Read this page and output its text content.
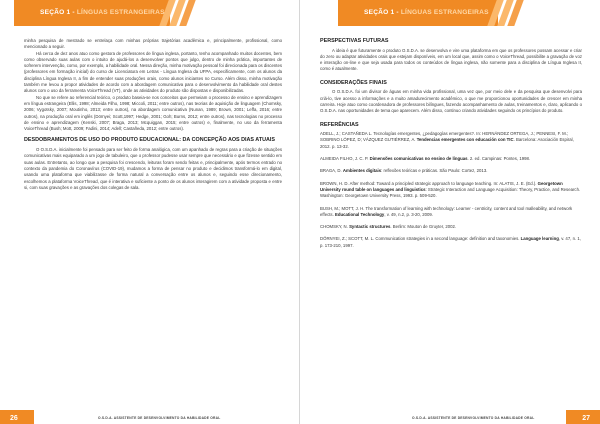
SEÇÃO 1 - LÍNGUAS ESTRANGEIRAS

minha pesquisa de mestrado se entrelaça com minhas próprias trajetórias acadêmica e, principalmente, profissional, como mencionado a seguir.

Há cerca de dez anos atuo como gestora de professores de língua inglesa, portanto, tenho acompanhado muitos docentes, bem como observado suas aulas com o intuito de ajudá-los a desenvolver pontos que julgo, dentro de minha prática, importantes de sofrerem intervenção, como, por exemplo, a habilidade oral. Nessa direção, minha motivação pessoal foi direcionada para os discentes (professores em formação inicial) do curso de Licenciatura em Letras - Língua Inglesa da UFPA, especificamente, com os alunos da disciplina Língua Inglesa II, a fim de entender suas produções orais, como alunos iniciantes no Curso. Além disso, minha motivação também me levou a propor atividades de acordo com a abordagem comunicativa para o desenvolvimento da habilidade oral destes alunos com o uso da ferramenta VoiceThread (VT), onde as atividades do produto são dispostas e disponibilizadas.

No que se refere ao referencial teórico, o produto baseia-se nos conceitos que permeiam o processo de ensino e aprendizagem em língua estrangeira (Ellis, 1998; Almeida Filho, 1998; Miccoli, 2011; entre outros), nas teorias de aquisição de linguagem (Chomsky, 2006; Vygotsky, 2007; Moutinho, 2013; entre outros), na abordagem comunicativa (Nunan, 1989; Brown, 2001; Leffa, 2016; entre outros), na produção oral em inglês (Dörnyei; Scott,1997; Hedge, 2001; Goh; Burns, 2012; entre outros), nas tecnologias no processo de ensino e aprendizagem (Kenski, 2007; Braga, 2013; Mcquiggan, 2015; entre outros) e, finalmente, no uso da ferramenta VoiceThread (Bush; Mott, 2009; Fadini, 2014; Adell; Castañeda, 2012; entre outros).

DESDOBRAMENTOS DE USO DO PRODUTO EDUCACIONAL: DA CONCEPÇÃO AOS DIAS ATUAIS

O O.S.D.A. inicialmente foi pensado para ser feito de forma analógica, com um apanhado de regras para a criação de situações comunicativas mais equiparado a um jogo de tabuleiro, que o professor pudesse usar sempre que necessário e que fizesse sentido em suas aulas. Entretanto, ao longo que a pesquisa foi crescendo, leituras foram sendo feitas e, principalmente, após termos entrado no contexto da pandemia do Coronavírus (COVID-19), mudamos a forma de pensar no produto e decidimos transformá-lo em digital, usando uma plataforma que viabilizasse de forma natural a conversação entre os alunos e, seguindo esse direcionamento, escolhemos a plataforma VoiceThread, que é interativa e suficiente a ponto de os alunos interagirem com a atividade proposta e entre si, com suas gravações e as gravações dos colegas de sala.

26	O.S.D.A. ASSISTENTE DE DESENVOLVIMENTO DA HABILIDADE ORAL
SEÇÃO 1 - LÍNGUAS ESTRANGEIRAS
PERSPECTIVAS FUTURAS

A ideia é que futuramente o produto O.S.D.A. se desenvolva e vire uma plataforma em que os professores possam acessar e criar do zero ou adaptar atividades orais que estejam disponíveis, em um local que, assim como o VoiceThread, possibilite a gravação de voz e interação on-line e que seja usada para todos os conteúdos de língua inglesa, não somente para a disciplina de Língua Inglesa II, como é atualmente.

CONSIDERAÇÕES FINAIS

O O.S.D.A. foi um divisor de águas em minha vida profissional, uma vez que, por meio dele e da pesquisa que desenvolvi para criá-lo, tive acesso a informações e a muito amadurecimento acadêmico, o que me proporcionou oportunidades de crescer em minha carreira. Hoje atuo como coordenadora de professores bilíngues, fazendo acompanhamento de aulas, treinamentos e, claro, aplicando o O.S.D.A. nas oportunidades de tema que aparecem. Além disso, continuo criando atividades seguindo os princípios do produto.

REFERÊNCIAS
ADELL, J.; CASTAÑEDA L. Tecnologías emergentes, ¿pedagogías emergentes?. In: HERNÁNDEZ ORTEGA, J.; PENNESI, F. M.; SOBRINO LÓPEZ, D; VÁZQUEZ GUTIÉRREZ, A. Tendencias emergentes con educación con TIC. Barcelona: Asociación Espiral, 2012. p. 13-32.
ALMEIDA FILHO, J. C. P. Dimensões comunicativas no ensino de línguas. 2. ed. Campinas: Pontes, 1998.
BRAGA, D. Ambientes digitais: reflexões teóricas e práticas. São Paulo: Cortez, 2013.
BROWN, H. D. After method: Toward a principled strategic approach to language teaching. In: ALATIS, J. E. (Ed.). Georgetown University round table on languages and linguistics: Strategic Interaction and Language Acquisition: Theory, Practice, and Research. Washington: Georgetown University Press, 1993. p. 509-520.
BUSH, M.; MOTT, J. H. The transformation of learning with technology: Learner - centricity, content and tool malleability, and network effects. Educational Technology, v. 49, n.2, p. 3-20, 2009.
CHOMSKY, N. Syntactic structures. Berlim: Mouton de Gruyter, 2002.
DÖRNYEI, Z.; SCOTT, M. L. Communication strategies in a second language: definition and taxonomies. Language learning, v. 47, n. 1, p. 173-210, 1997.
O.S.D.A. ASSISTENTE DE DESENVOLVIMENTO DA HABILIDADE ORAL	27
